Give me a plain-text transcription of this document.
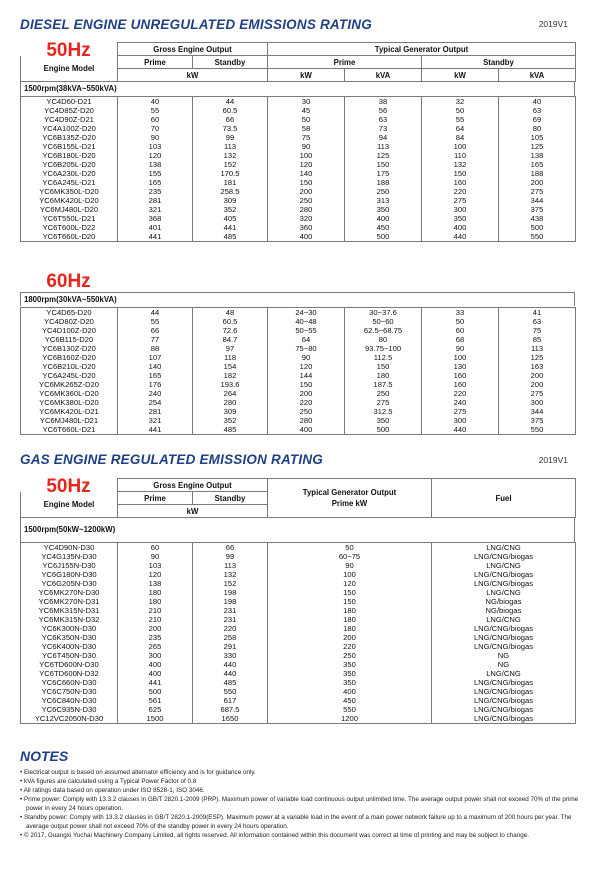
DIESEL ENGINE UNREGULATED EMISSIONS RATING	2019V1
50Hz
		Gross Engine Output		Typical Generator Output			
Engine Model	Prime	Standby	Prime		Standby	
	kW		kW	kVA	kW	kVA
1500rpm(38kVA~550kVA)
YC4D60-D21	40	44	30	38	32	40
YC4D85Z-D20	55	60.5	45	56	50	63
YC4D90Z-D21	60	66	50	63	55	69
YC4A100Z-D20	70	73.5	58	73	64	80
YC6B135Z-D20	90	99	75	94	84	105
YC6B155L-D21	103	113	90	113	100	125
YC6B180L-D20	120	132	100	125	110	138
YC6B205L-D20	138	152	120	150	132	165
YC6A230L-D20	155	170.5	140	175	150	188
YC6A245L-D21	165	181	150	188	160	200
YC6MK350L-D20	235	258.5	200	250	220	275
YC6MK420L-D20	281	309	250	313	275	344
YC6MJ480L-D20	321	352	280	350	300	375
YC6T550L-D21	368	405	320	400	350	438
YC6T600L-D22	401	441	360	450	400	500
YC6T660L-D20	441	485	400	500	440	550
60Hz
1800rpm(30kVA~550kVA)
YC4D65-D20	44	48	24~30	30~37.6	33	41
YC4D80Z-D20	55	60.5	40~48	50~60	50	63
YC4D100Z-D20	66	72.6	50~55	62.5~68.75	60	75
YC6B115-D20	77	84.7	64	80	68	85
YC6B130Z-D20	88	97	75~80	93.75~100	90	113
YC6B160Z-D20	107	118	90	112.5	100	125
YC6B210L-D20	140	154	120	150	130	163
YC6A245L-D20	165	182	144	180	160	200
YC6MK265Z-D20	176	193.6	150	187.5	160	200
YC6MK360L-D20	240	264	200	250	220	275
YC6MK380L-D20	254	280	220	275	240	300
YC6MK420L-D21	281	309	250	312.5	275	344
YC6MJ480L-D21	321	352	280	350	300	375
YC6T660L-D21	441	485	400	500	440	550
GAS ENGINE REGULATED EMISSION RATING	2019V1
50Hz
		Gross Engine Output		Typical Generator Output
Prime kW	Fuel
Engine Model	Prime	Standby		
	kW			
1500rpm(50kW~1200kW)
YC4D90N-D30	60	66	50	LNG/CNG
YC4G135N-D30	90	99	60~75	LNG/CNG/biogas
YC6J155N-D30	103	113	90	LNG/CNG
YC6G180N-D30	120	132	100	LNG/CNG/biogas
YC6G205N-D30	138	152	120	LNG/CNG/biogas
YC6MK270N-D30	180	198	150	LNG/CNG
YC6MK270N-D31	180	198	150	NG/biogas
YC6MK315N-D31	210	231	180	NG/biogas
YC6MK315N-D32	210	231	180	LNG/CNG
YC6K300N-D30	200	220	180	LNG/CNG/biogas
YC6K350N-D30	235	258	200	LNG/CNG/biogas
YC6K400N-D30	265	291	220	LNG/CNG/biogas
YC6T450N-D30	300	330	250	NG
YC6TD600N-D30	400	440	350	NG
YC6TD600N-D32	400	440	350	LNG/CNG
YC6C660N-D30	441	485	350	LNG/CNG/biogas
YC6C750N-D30	500	550	400	LNG/CNG/biogas
YC6C840N-D30	561	617	450	LNG/CNG/biogas
YC6C935N-D30	625	687.5	550	LNG/CNG/biogas
YC12VC2050N-D30	1500	1650	1200	LNG/CNG/biogas
NOTES
• Electrical output is based on assumed alternator efficiency and is for guidance only.
• kVA figures are calculated using a Typical Power Factor of 0.8
• All ratings data based on operation under ISO 8528-1, ISO 3046.
• Prime power: Comply with 13.3.2 clauses in GB/T 2820.1-2009 (PRP). Maximum power of variable load continuous output unlimited time. The average output power shall not exceed 70% of the prime power in every 24 hours operation.
• Standby power: Comply with 13.3.2 clauses in GB/T 2820.1-2009(ESP). Maximum power at a variable load in the event of a main power network failure up to a maximum of 200 hours per year. The average output power shall not exceed 70% of the standby power in every 24 hours operation.
• © 2017, Guangxi Yuchai Machinery Company Limited, all rights reserved. All information contained within this document was correct at time of printing and may be subject to change.
